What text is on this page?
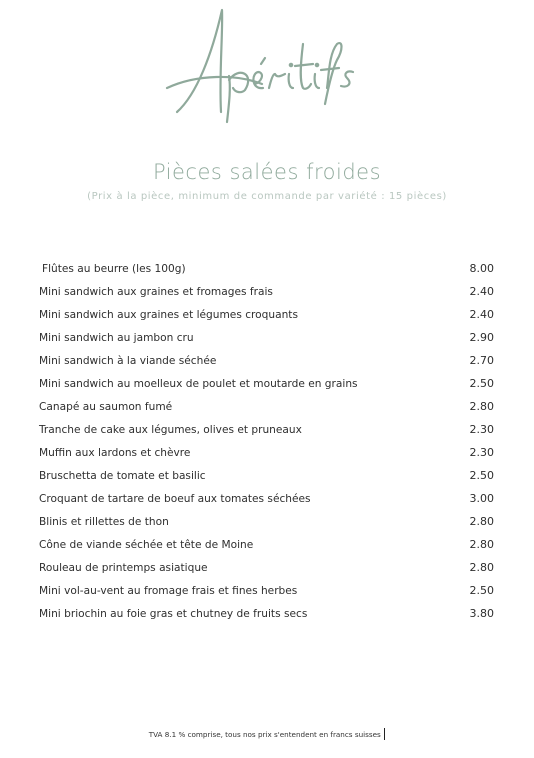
Pièces salées froides
(Prix à la pièce, minimum de commande par variété : 15 pièces)
Flûtes au beurre (les 100g)	8.00
Mini sandwich aux graines et fromages frais	2.40
Mini sandwich aux graines et légumes croquants	2.40
Mini sandwich au jambon cru	2.90
Mini sandwich à la viande séchée	2.70
Mini sandwich au moelleux de poulet et moutarde en grains	2.50
Canapé au saumon fumé	2.80
Tranche de cake aux légumes, olives et pruneaux	2.30
Muffin aux lardons et chèvre	2.30
Bruschetta de tomate et basilic	2.50
Croquant de tartare de boeuf aux tomates séchées	3.00
Blinis et rillettes de thon	2.80
Cône de viande séchée et tête de Moine	2.80
Rouleau de printemps asiatique	2.80
Mini vol-au-vent au fromage frais et fines herbes	2.50
Mini briochin au foie gras et chutney de fruits secs	3.80
TVA 8.1 % comprise, tous nos prix s'entendent en francs suisses
